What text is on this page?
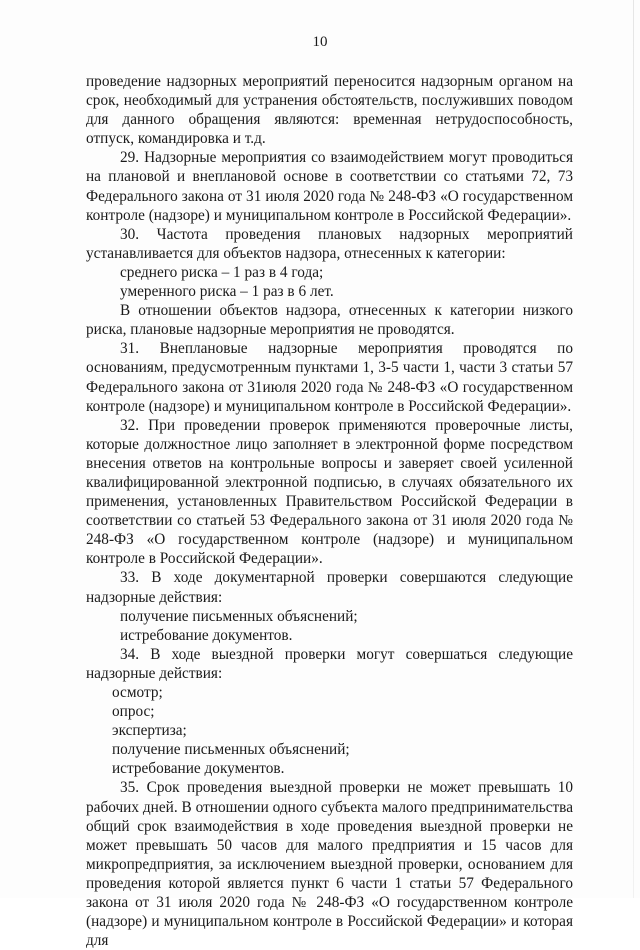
10

проведение надзорных мероприятий переносится надзорным органом на срок, необходимый для устранения обстоятельств, послуживших поводом для данного обращения являются: временная нетрудоспособность, отпуск, командировка и т.д.

29. Надзорные мероприятия со взаимодействием могут проводиться на плановой и внеплановой основе в соответствии со статьями 72, 73 Федерального закона от 31 июля 2020 года № 248-ФЗ «О государственном контроле (надзоре) и муниципальном контроле в Российской Федерации».

30. Частота проведения плановых надзорных мероприятий устанавливается для объектов надзора, отнесенных к категории:

среднего риска – 1 раз в 4 года;

умеренного риска – 1 раз в 6 лет.

В отношении объектов надзора, отнесенных к категории низкого риска, плановые надзорные мероприятия не проводятся.

31. Внеплановые надзорные мероприятия проводятся по основаниям, предусмотренным пунктами 1, 3-5 части 1, части 3 статьи 57 Федерального закона от 31июля 2020 года № 248-ФЗ «О государственном контроле (надзоре) и муниципальном контроле в Российской Федерации».

32. При проведении проверок применяются проверочные листы, которые должностное лицо заполняет в электронной форме посредством внесения ответов на контрольные вопросы и заверяет своей усиленной квалифицированной электронной подписью, в случаях обязательного их применения, установленных Правительством Российской Федерации в соответствии со статьей 53 Федерального закона от 31 июля 2020 года № 248-ФЗ «О государственном контроле (надзоре) и муниципальном контроле в Российской Федерации».

33. В ходе документарной проверки совершаются следующие надзорные действия:

получение письменных объяснений;

истребование документов.

34. В ходе выездной проверки могут совершаться следующие надзорные действия:

осмотр;

опрос;

экспертиза;

получение письменных объяснений;

истребование документов.

35. Срок проведения выездной проверки не может превышать 10 рабочих дней. В отношении одного субъекта малого предпринимательства общий срок взаимодействия в ходе проведения выездной проверки не может превышать 50 часов для малого предприятия и 15 часов для микропредприятия, за исключением выездной проверки, основанием для проведения которой является пункт 6 части 1 статьи 57 Федерального закона от 31 июля 2020 года № 248-ФЗ «О государственном контроле (надзоре) и муниципальном контроле в Российской Федерации» и которая для
